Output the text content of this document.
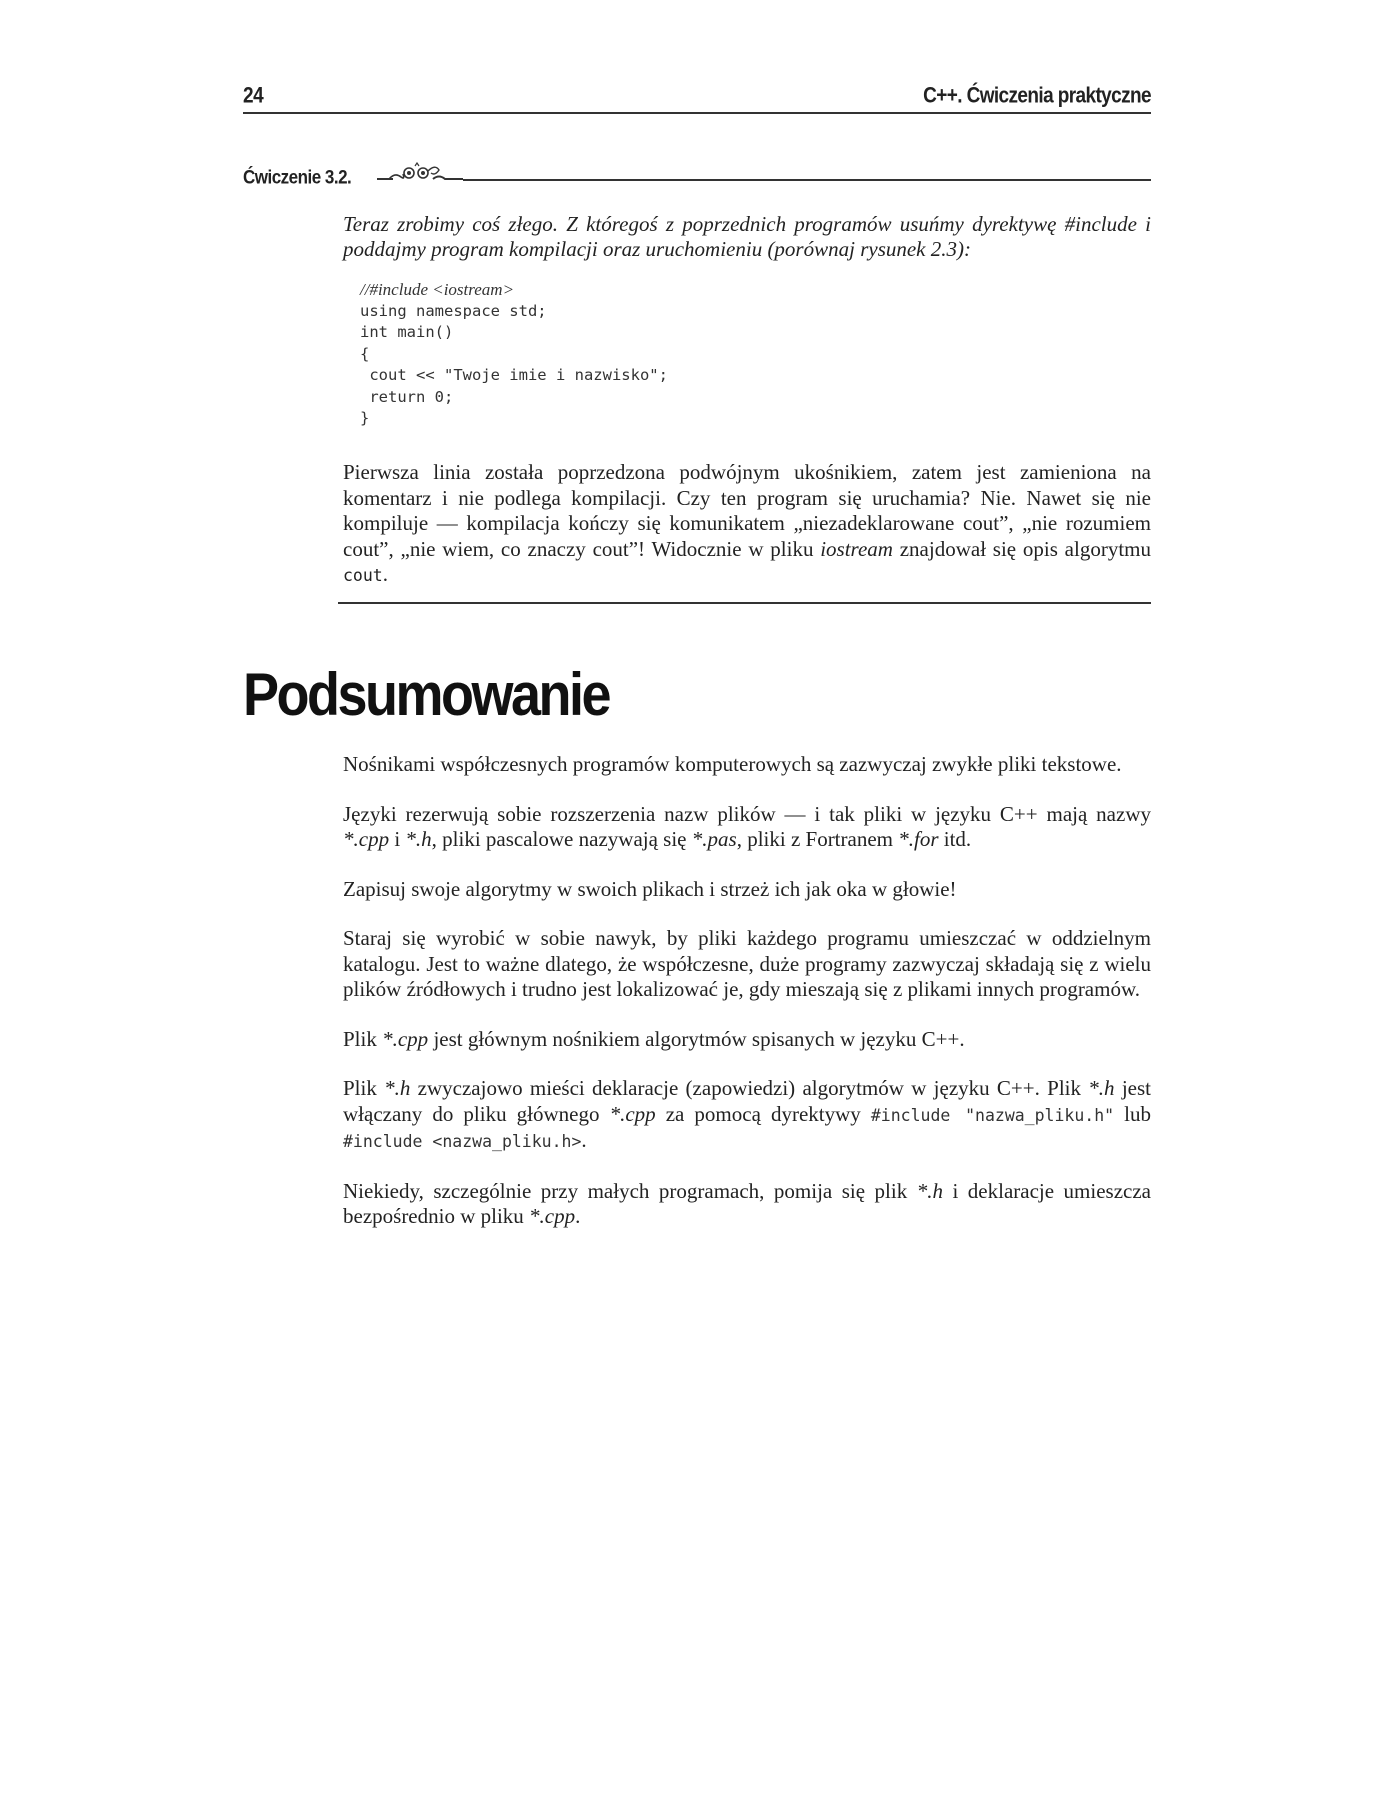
24	C++. Ćwiczenia praktyczne
Ćwiczenie 3.2.

Teraz zrobimy coś złego. Z któregoś z poprzednich programów usuńmy dyrektywę #include i poddajmy program kompilacji oraz uruchomieniu (porównaj rysunek 2.3):

//#include <iostream>
using namespace std;
int main()
{
cout << "Twoje imie i nazwisko";
return 0;
}

Pierwsza linia została poprzedzona podwójnym ukośnikiem, zatem jest zamieniona na komentarz i nie podlega kompilacji. Czy ten program się uruchamia? Nie. Nawet się nie kompiluje — kompilacja kończy się komunikatem „niezadeklarowane cout”, „nie rozumiem cout”, „nie wiem, co znaczy cout”! Widocznie w pliku iostream znajdował się opis algorytmu cout.

Podsumowanie

Nośnikami współczesnych programów komputerowych są zazwyczaj zwykłe pliki tekstowe.

Języki rezerwują sobie rozszerzenia nazw plików — i tak pliki w języku C++ mają nazwy *.cpp i *.h, pliki pascalowe nazywają się *.pas, pliki z Fortranem *.for itd.

Zapisuj swoje algorytmy w swoich plikach i strzeż ich jak oka w głowie!

Staraj się wyrobić w sobie nawyk, by pliki każdego programu umieszczać w oddzielnym katalogu. Jest to ważne dlatego, że współczesne, duże programy zazwyczaj składają się z wielu plików źródłowych i trudno jest lokalizować je, gdy mieszają się z plikami innych programów.

Plik *.cpp jest głównym nośnikiem algorytmów spisanych w języku C++.

Plik *.h zwyczajowo mieści deklaracje (zapowiedzi) algorytmów w języku C++. Plik *.h jest włączany do pliku głównego *.cpp za pomocą dyrektywy #include "nazwa_pliku.h" lub #include <nazwa_pliku.h>.

Niekiedy, szczególnie przy małych programach, pomija się plik *.h i deklaracje umieszcza bezpośrednio w pliku *.cpp.
